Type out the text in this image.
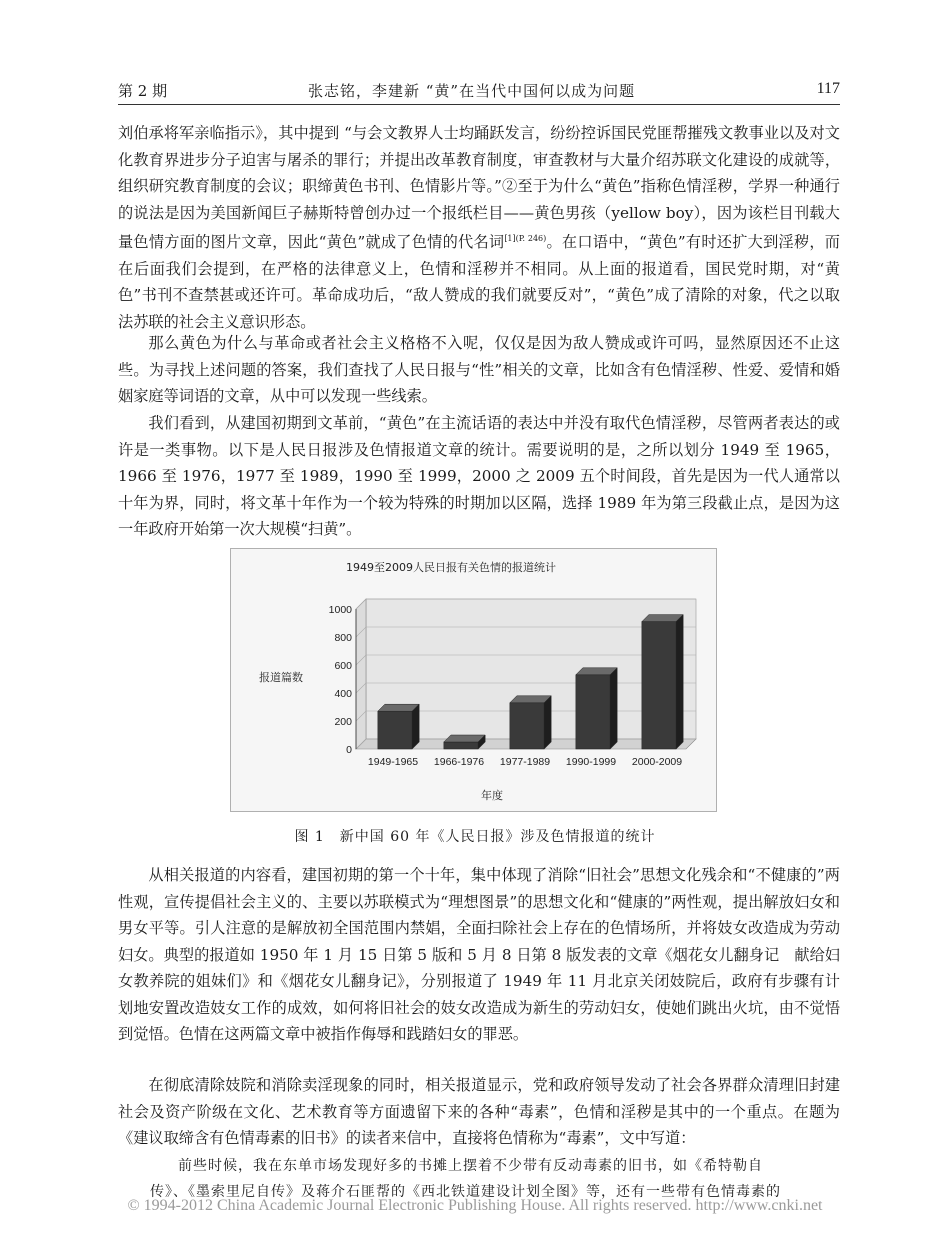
第 2 期	张志铭，李建新 “黄”在当代中国何以成为问题	117
刘伯承将军亲临指示》，其中提到 “与会文教界人士均踊跃发言，纷纷控诉国民党匪帮摧残文教事业以及对文化教育界进步分子迫害与屠杀的罪行；并提出改革教育制度，审查教材与大量介绍苏联文化建设的成就等，组织研究教育制度的会议；职缔黄色书刊、色情影片等。”②至于为什么“黄色”指称色情淫秽，学界一种通行的说法是因为美国新闻巨子赫斯特曾创办过一个报纸栏目——黄色男孩（yellow boy），因为该栏目刊载大量色情方面的图片文章，因此“黄色”就成了色情的代名词$^{[1](P. 246)}$。在口语中，“黄色”有时还扩大到淫秽，而在后面我们会提到，在严格的法律意义上，色情和淫秽并不相同。从上面的报道看，国民党时期，对“黄色”书刊不查禁甚或还许可。革命成功后，“敌人赞成的我们就要反对”，“黄色”成了清除的对象，代之以取法苏联的社会主义意识形态。
那么黄色为什么与革命或者社会主义格格不入呢，仅仅是因为敌人赞成或许可吗，显然原因还不止这些。为寻找上述问题的答案，我们查找了人民日报与“性”相关的文章，比如含有色情淫秽、性爱、爱情和婚姻家庭等词语的文章，从中可以发现一些线索。
我们看到，从建国初期到文革前，“黄色”在主流话语的表达中并没有取代色情淫秽，尽管两者表达的或许是一类事物。以下是人民日报涉及色情报道文章的统计。需要说明的是，之所以划分 1949 至 1965，1966 至 1976，1977 至 1989，1990 至 1999，2000 之 2009 五个时间段，首先是因为一代人通常以十年为界，同时，将文革十年作为一个较为特殊的时期加以区隔，选择 1989 年为第三段截止点，是因为这一年政府开始第一次大规模“扫黄”。
1949至2009人民日报有关色情的报道统计
报道篇数
年度
0
200
400
600
800
1000
1949-1965 1966-1976 1977-1989 1990-1999 2000-2009
图 1　新中国 60 年《人民日报》涉及色情报道的统计
从相关报道的内容看，建国初期的第一个十年，集中体现了消除“旧社会”思想文化残余和“不健康的”两性观，宣传提倡社会主义的、主要以苏联模式为“理想图景”的思想文化和“健康的”两性观，提出解放妇女和男女平等。引人注意的是解放初全国范围内禁娼，全面扫除社会上存在的色情场所，并将妓女改造成为劳动妇女。典型的报道如 1950 年 1 月 15 日第 5 版和 5 月 8 日第 8 版发表的文章《烟花女儿翻身记　献给妇女教养院的姐妹们》和《烟花女儿翻身记》，分别报道了 1949 年 11 月北京关闭妓院后，政府有步骤有计划地安置改造妓女工作的成效，如何将旧社会的妓女改造成为新生的劳动妇女，使她们跳出火坑，由不觉悟到觉悟。色情在这两篇文章中被指作侮辱和践踏妇女的罪恶。
在彻底清除妓院和消除卖淫现象的同时，相关报道显示，党和政府领导发动了社会各界群众清理旧封建社会及资产阶级在文化、艺术教育等方面遗留下来的各种“毒素”，色情和淫秽是其中的一个重点。在题为《建议取缔含有色情毒素的旧书》的读者来信中，直接将色情称为“毒素”，文中写道：
前些时候，我在东单市场发现好多的书摊上摆着不少带有反动毒素的旧书，如《希特勒自
传》、《墨索里尼自传》及蒋介石匪帮的《西北铁道建设计划全图》等，还有一些带有色情毒素的
© 1994-2012 China Academic Journal Electronic Publishing House. All rights reserved. http://www.cnki.net
